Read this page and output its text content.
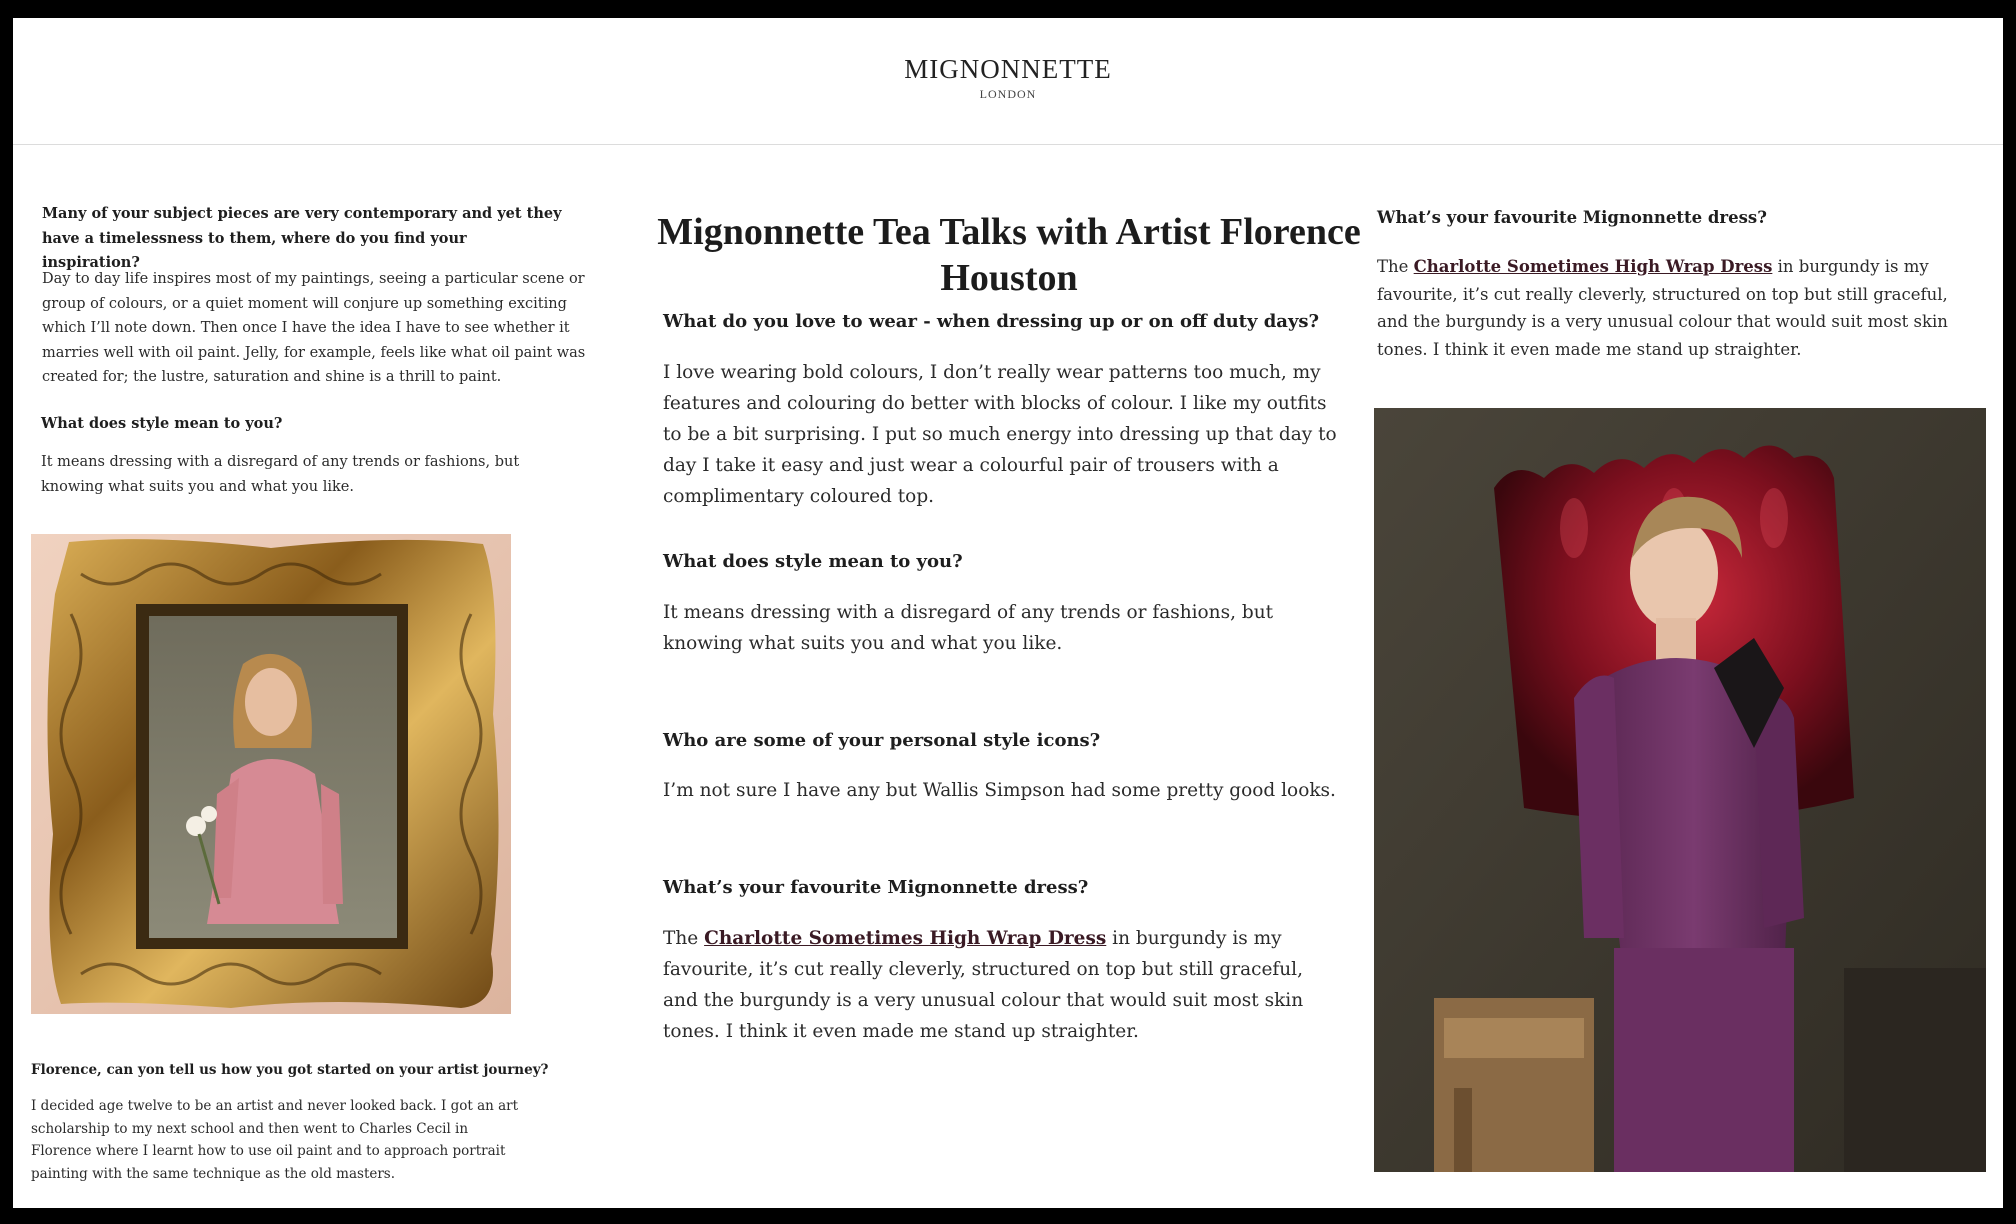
MIGNONNETTE
LONDON
Many of your subject pieces are very contemporary and yet they have a timelessness to them, where do you find your inspiration?
Day to day life inspires most of my paintings, seeing a particular scene or group of colours, or a quiet moment will conjure up something exciting which I’ll note down. Then once I have the idea I have to see whether it marries well with oil paint. Jelly, for example, feels like what oil paint was created for; the lustre, saturation and shine is a thrill to paint.
What does style mean to you?
It means dressing with a disregard of any trends or fashions, but knowing what suits you and what you like.
Florence, can yon tell us how you got started on your artist journey?
I decided age twelve to be an artist and never looked back. I got an art scholarship to my next school and then went to Charles Cecil in Florence where I learnt how to use oil paint and to approach portrait painting with the same technique as the old masters.
Mignonnette Tea Talks with Artist Florence Houston
What do you love to wear - when dressing up or on off duty days?
I love wearing bold colours, I don’t really wear patterns too much, my features and colouring do better with blocks of colour. I like my outfits to be a bit surprising. I put so much energy into dressing up that day to day I take it easy and just wear a colourful pair of trousers with a complimentary coloured top.
What does style mean to you?
It means dressing with a disregard of any trends or fashions, but knowing what suits you and what you like.
Who are some of your personal style icons?
I’m not sure I have any but Wallis Simpson had some pretty good looks.
What’s your favourite Mignonnette dress?
The Charlotte Sometimes High Wrap Dress in burgundy is my favourite, it’s cut really cleverly, structured on top but still graceful, and the burgundy is a very unusual colour that would suit most skin tones. I think it even made me stand up straighter.
What’s your favourite Mignonnette dress?
The Charlotte Sometimes High Wrap Dress in burgundy is my favourite, it’s cut really cleverly, structured on top but still graceful, and the burgundy is a very unusual colour that would suit most skin tones. I think it even made me stand up straighter.
